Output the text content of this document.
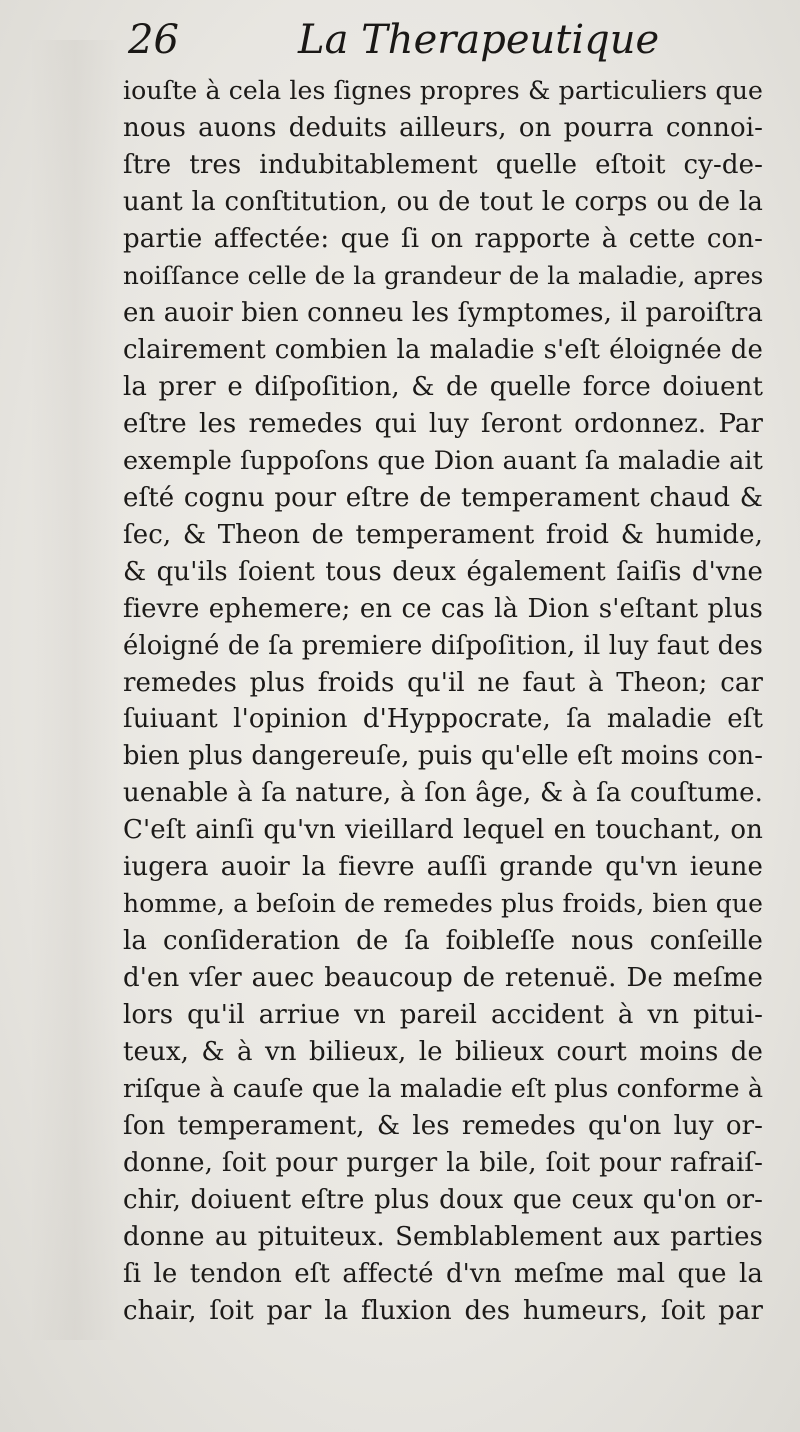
26	La Therapeutique
iouſte à cela les ſignes propres & particuliers que
nous auons deduits ailleurs, on pourra connoi-
ſtre tres indubitablement quelle eſtoit cy-de-
uant la conſtitution, ou de tout le corps ou de la
partie affectée: que ſi on rapporte à cette con-
noiſſance celle de la grandeur de la maladie, apres
en auoir bien conneu les ſymptomes, il paroiſtra
clairement combien la maladie s'eſt éloignée de
la prer e diſpoſition, & de quelle force doiuent
eſtre les remedes qui luy ſeront ordonnez. Par
exemple ſuppoſons que Dion auant ſa maladie ait
eſté cognu pour eſtre de temperament chaud &
ſec, & Theon de temperament froid & humide,
& qu'ils ſoient tous deux également ſaiſis d'vne
fievre ephemere; en ce cas là Dion s'eſtant plus
éloigné de ſa premiere diſpoſition, il luy faut des
remedes plus froids qu'il ne faut à Theon; car
ſuiuant l'opinion d'Hyppocrate, ſa maladie eſt
bien plus dangereuſe, puis qu'elle eſt moins con-
uenable à ſa nature, à ſon âge, & à ſa couſtume.
C'eſt ainſi qu'vn vieillard lequel en touchant, on
iugera auoir la fievre auſſi grande qu'vn ieune
homme, a beſoin de remedes plus froids, bien que
la conſideration de ſa foibleſſe nous conſeille
d'en vſer auec beaucoup de retenuë. De meſme
lors qu'il arriue vn pareil accident à vn pitui-
teux, & à vn bilieux, le bilieux court moins de
riſque à cauſe que la maladie eſt plus conforme à
ſon temperament, & les remedes qu'on luy or-
donne, ſoit pour purger la bile, ſoit pour rafraiſ-
chir, doiuent eſtre plus doux que ceux qu'on or-
donne au pituiteux. Semblablement aux parties
ſi le tendon eſt affecté d'vn meſme mal que la
chair, ſoit par la fluxion des humeurs, ſoit par
